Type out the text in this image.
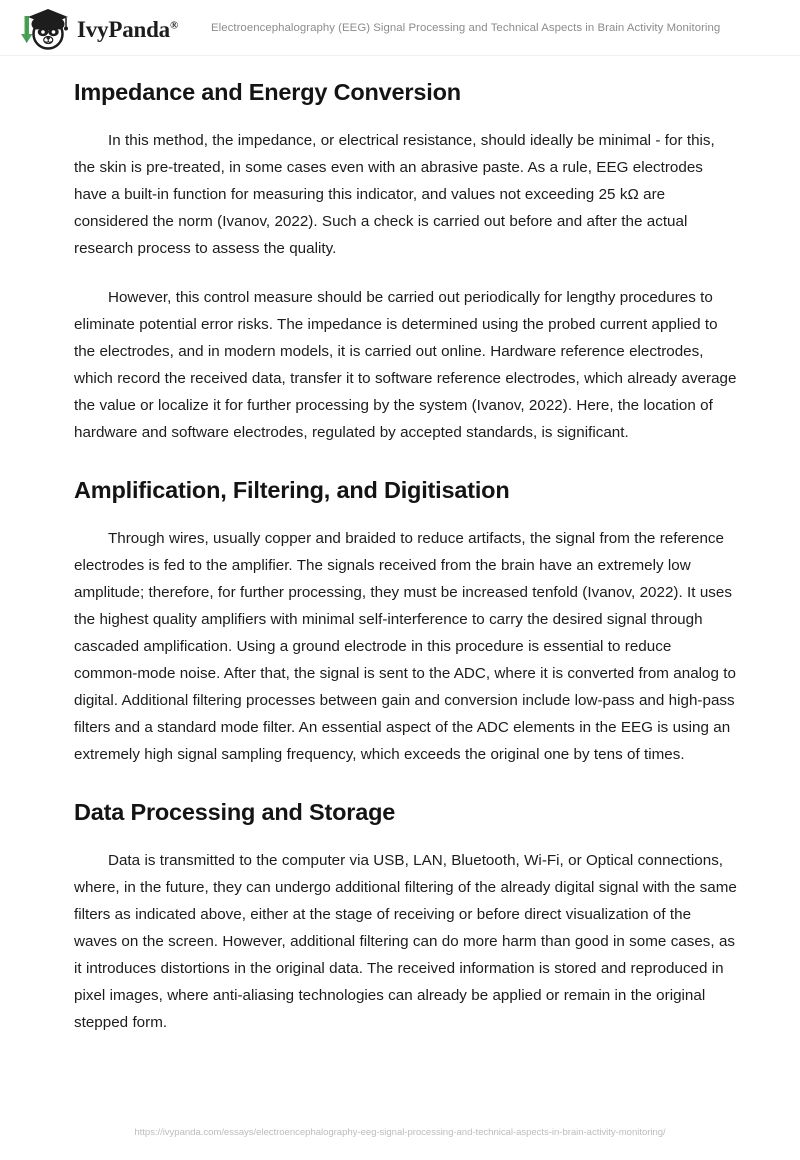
IvyPanda®	Electroencephalography (EEG) Signal Processing and Technical Aspects in Brain Activity Monitoring
Impedance and Energy Conversion

In this method, the impedance, or electrical resistance, should ideally be minimal - for this, the skin is pre-treated, in some cases even with an abrasive paste. As a rule, EEG electrodes have a built-in function for measuring this indicator, and values not exceeding 25 kΩ are considered the norm (Ivanov, 2022). Such a check is carried out before and after the actual research process to assess the quality.

However, this control measure should be carried out periodically for lengthy procedures to eliminate potential error risks. The impedance is determined using the probed current applied to the electrodes, and in modern models, it is carried out online. Hardware reference electrodes, which record the received data, transfer it to software reference electrodes, which already average the value or localize it for further processing by the system (Ivanov, 2022). Here, the location of hardware and software electrodes, regulated by accepted standards, is significant.

Amplification, Filtering, and Digitisation

Through wires, usually copper and braided to reduce artifacts, the signal from the reference electrodes is fed to the amplifier. The signals received from the brain have an extremely low amplitude; therefore, for further processing, they must be increased tenfold (Ivanov, 2022). It uses the highest quality amplifiers with minimal self-interference to carry the desired signal through cascaded amplification. Using a ground electrode in this procedure is essential to reduce common-mode noise. After that, the signal is sent to the ADC, where it is converted from analog to digital. Additional filtering processes between gain and conversion include low-pass and high-pass filters and a standard mode filter. An essential aspect of the ADC elements in the EEG is using an extremely high signal sampling frequency, which exceeds the original one by tens of times.

Data Processing and Storage

Data is transmitted to the computer via USB, LAN, Bluetooth, Wi-Fi, or Optical connections, where, in the future, they can undergo additional filtering of the already digital signal with the same filters as indicated above, either at the stage of receiving or before direct visualization of the waves on the screen. However, additional filtering can do more harm than good in some cases, as it introduces distortions in the original data. The received information is stored and reproduced in pixel images, where anti-aliasing technologies can already be applied or remain in the original stepped form.

https://ivypanda.com/essays/electroencephalography-eeg-signal-processing-and-technical-aspects-in-brain-activity-monitoring/
